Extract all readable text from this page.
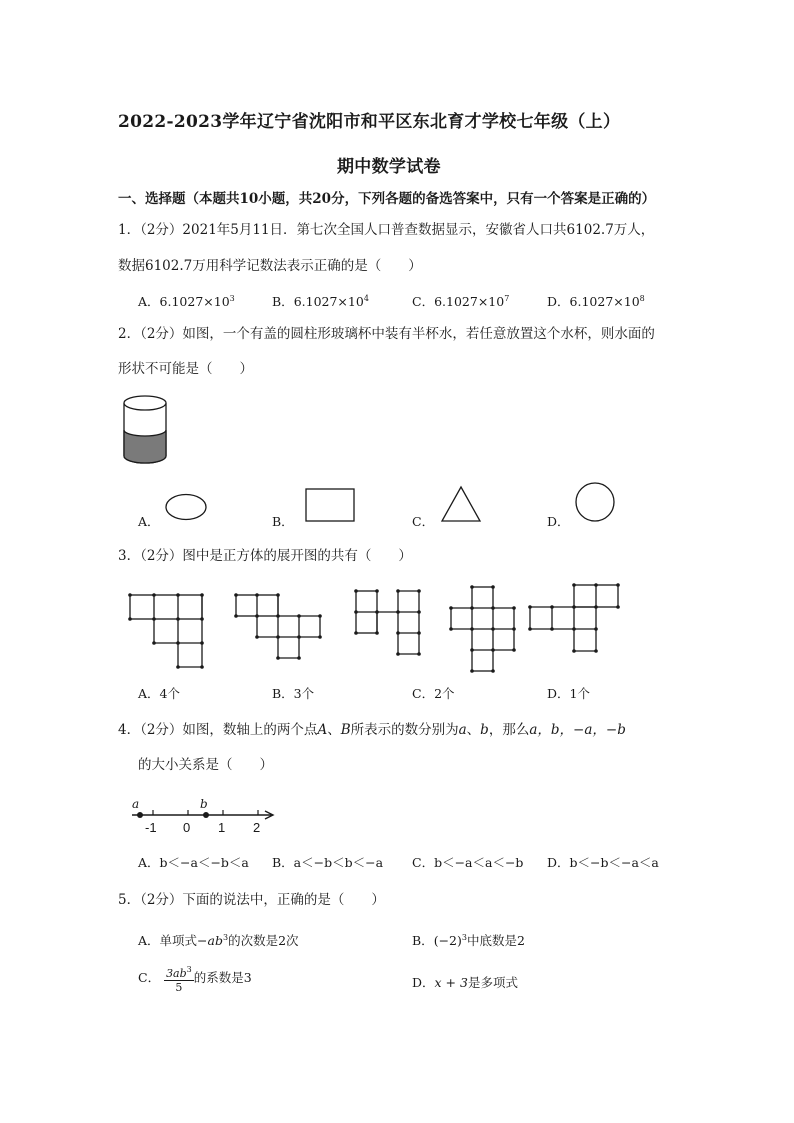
2022-2023学年辽宁省沈阳市和平区东北育才学校七年级（上）
期中数学试卷
一、选择题（本题共10小题，共20分，下列各题的备选答案中，只有一个答案是正确的）
1．（2分）2021年5月11日．第七次全国人口普查数据显示，安徽省人口共6102.7万人，
数据6102.7万用科学记数法表示正确的是（　　）
A．$6.1027\times 10^3$	B．$6.1027\times 10^4$	C．$6.1027\times 10^7$	D．$6.1027\times 10^8$
2．（2分）如图，一个有盖的圆柱形玻璃杯中装有半杯水，若任意放置这个水杯，则水面的
形状不可能是（　　）
A．	B．	C．	D．
3．（2分）图中是正方体的展开图的共有（　　）
A．4个	B．3个	C．2个	D．1个
4．（2分）如图，数轴上的两个点A、B所表示的数分别为a、b，那么a，b，−a，−b
的大小关系是（　　）
a	b
-1 0 1 2
A．b＜−a＜−b＜a B．a＜−b＜b＜−a C．b＜−a＜a＜−b D．b＜−b＜−a＜a
5．（2分）下面的说法中，正确的是（　　）
A．单项式$-ab^3$的次数是2次	B．$(-2)^3$中底数是2
C． $\frac{3ab^3}{5}$ 的系数是3	D．x + 3是多项式
